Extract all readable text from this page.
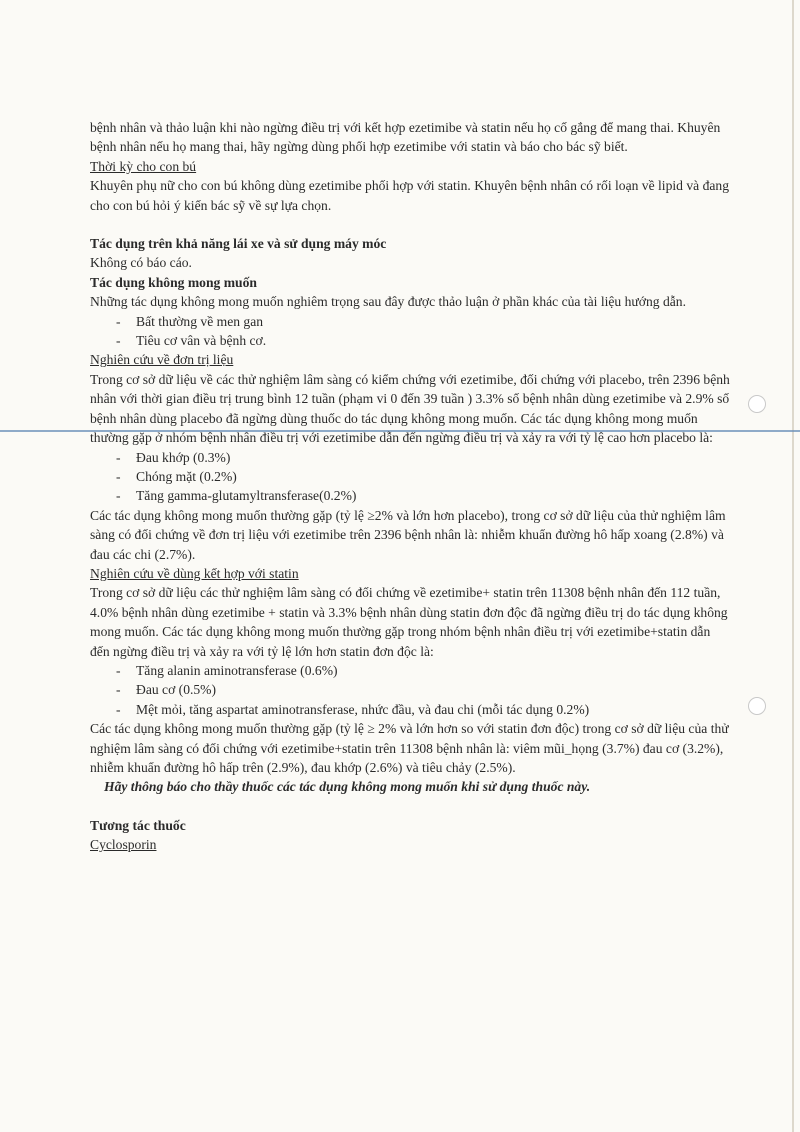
bệnh nhân và thảo luận khi nào ngừng điều trị với kết hợp ezetimibe và statin nếu họ cố gắng để mang thai. Khuyên bệnh nhân nếu họ mang thai, hãy ngừng dùng phối hợp ezetimibe với statin và báo cho bác sỹ biết.

Thời kỳ cho con bú

Khuyên phụ nữ cho con bú không dùng ezetimibe phối hợp với statin. Khuyên bệnh nhân có rối loạn về lipid và đang cho con bú hỏi ý kiến bác sỹ về sự lựa chọn.

Tác dụng trên khả năng lái xe và sử dụng máy móc

Không có báo cáo.

Tác dụng không mong muốn

Những tác dụng không mong muốn nghiêm trọng sau đây được thảo luận ở phần khác của tài liệu hướng dẫn.

- Bất thường về men gan
- Tiêu cơ vân và bệnh cơ.

Nghiên cứu về đơn trị liệu

Trong cơ sở dữ liệu về các thử nghiệm lâm sàng có kiểm chứng với ezetimibe, đối chứng với placebo, trên 2396 bệnh nhân với thời gian điều trị trung bình 12 tuần (phạm vi 0 đến 39 tuần ) 3.3% số bệnh nhân dùng ezetimibe và 2.9% số bệnh nhân dùng placebo đã ngừng dùng thuốc do tác dụng không mong muốn. Các tác dụng không mong muốn thường gặp ở nhóm bệnh nhân điều trị với ezetimibe dẫn đến ngừng điều trị và xảy ra với tỷ lệ cao hơn placebo là:

- Đau khớp (0.3%)
- Chóng mặt (0.2%)
- Tăng gamma-glutamyltransferase(0.2%)

Các tác dụng không mong muốn thường gặp (tỷ lệ ≥2% và lớn hơn placebo), trong cơ sở dữ liệu của thử nghiệm lâm sàng có đối chứng về đơn trị liệu với ezetimibe trên 2396 bệnh nhân là: nhiễm khuẩn đường hô hấp xoang (2.8%) và đau các chi (2.7%).

Nghiên cứu về dùng kết hợp với statin

Trong cơ sở dữ liệu các thử nghiệm lâm sàng có đối chứng về ezetimibe+ statin trên 11308 bệnh nhân đến 112 tuần, 4.0% bệnh nhân dùng ezetimibe + statin và 3.3% bệnh nhân dùng statin đơn độc đã ngừng điều trị do tác dụng không mong muốn. Các tác dụng không mong muốn thường gặp trong nhóm bệnh nhân điều trị với ezetimibe+statin dẫn đến ngừng điều trị và xảy ra với tỷ lệ lớn hơn statin đơn độc là:

- Tăng alanin aminotransferase (0.6%)
- Đau cơ (0.5%)
- Mệt mỏi, tăng aspartat aminotransferase, nhức đầu, và đau chi (mỗi tác dụng 0.2%)

Các tác dụng không mong muốn thường gặp (tỷ lệ ≥ 2% và lớn hơn so với statin đơn độc) trong cơ sở dữ liệu của thử nghiệm lâm sàng có đối chứng với ezetimibe+statin trên 11308 bệnh nhân là: viêm mũi_họng (3.7%) đau cơ (3.2%), nhiễm khuẩn đường hô hấp trên (2.9%), đau khớp (2.6%) và tiêu chảy (2.5%).

Hãy thông báo cho thầy thuốc các tác dụng không mong muốn khi sử dụng thuốc này.

Tương tác thuốc

Cyclosporin
